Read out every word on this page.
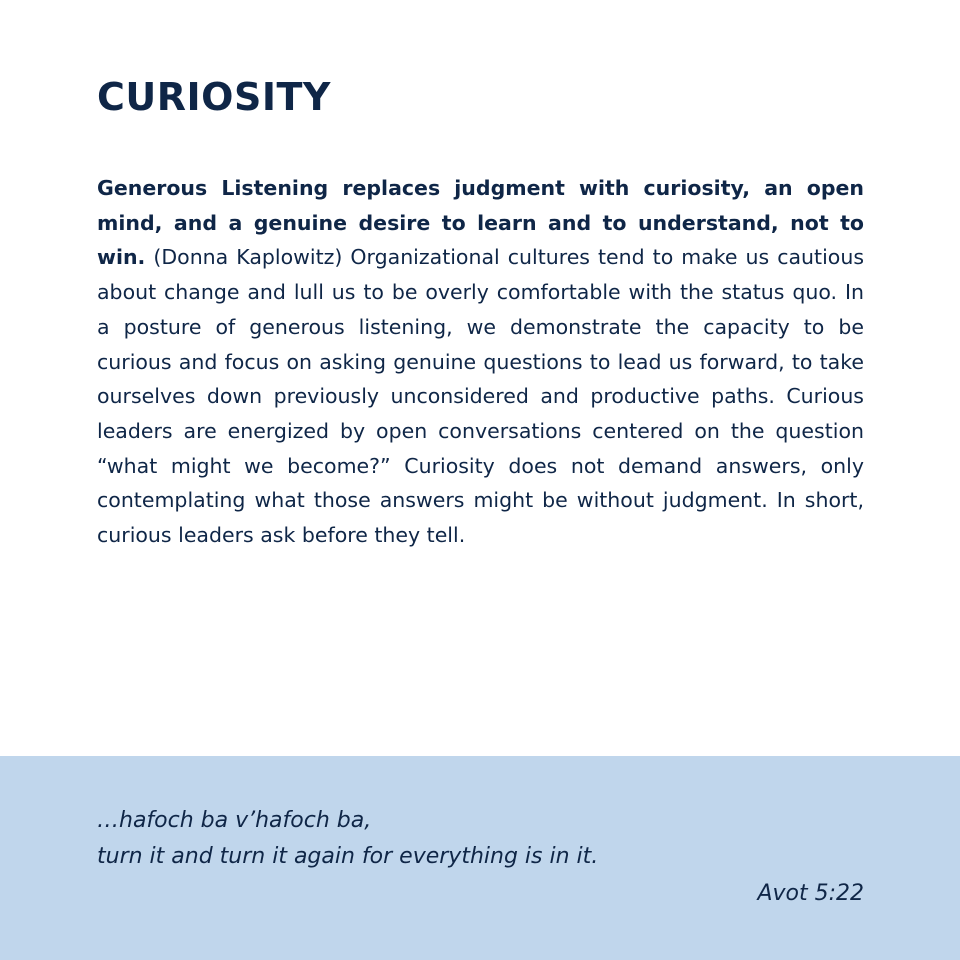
CURIOSITY

Generous Listening replaces judgment with curiosity, an open mind, and a genuine desire to learn and to understand, not to win. (Donna Kaplowitz) Organizational cultures tend to make us cautious about change and lull us to be overly comfortable with the status quo. In a posture of generous listening, we demonstrate the capacity to be curious and focus on asking genuine questions to lead us forward, to take ourselves down previously unconsidered and productive paths. Curious leaders are energized by open conversations centered on the question “what might we become?” Curiosity does not demand answers, only contemplating what those answers might be without judgment. In short, curious leaders ask before they tell.

…hafoch ba v’hafoch ba,

turn it and turn it again for everything is in it.

Avot 5:22
